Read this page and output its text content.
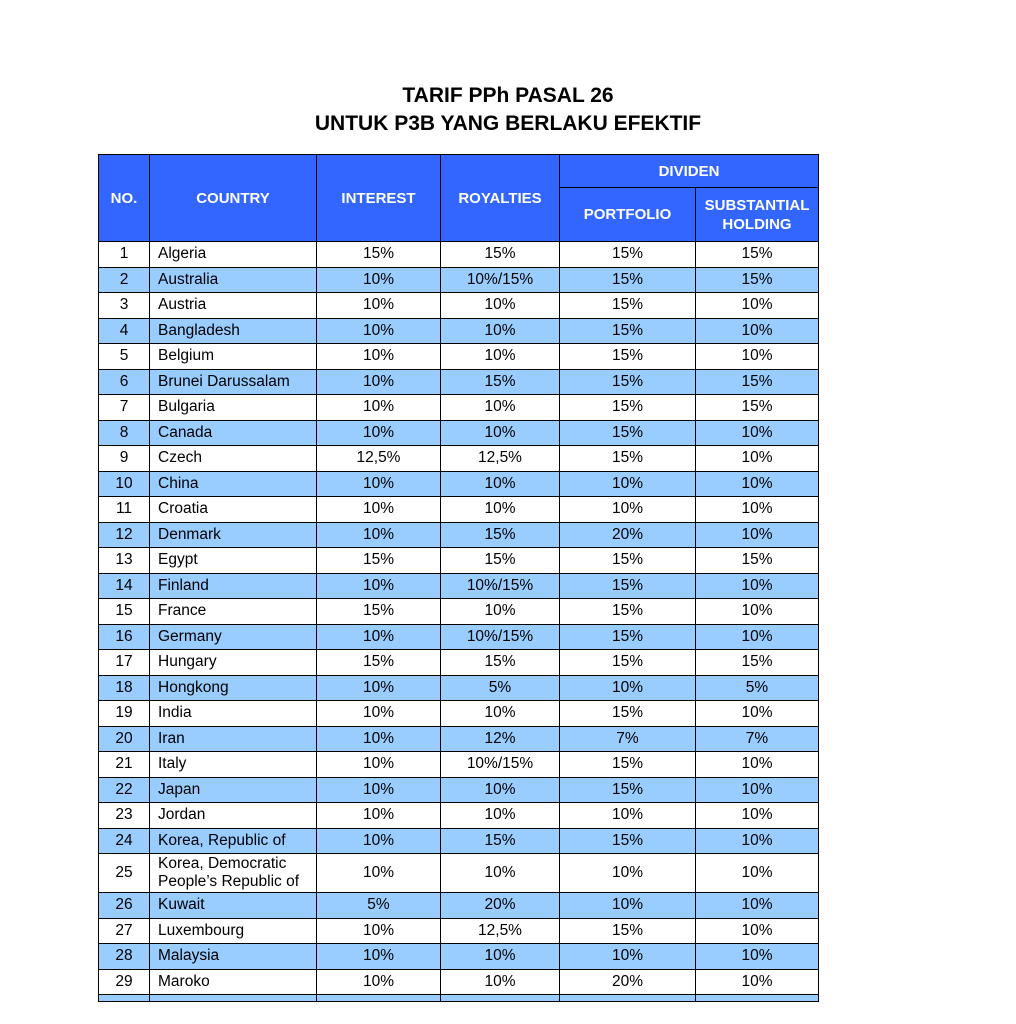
TARIF PPh PASAL 26
UNTUK P3B YANG BERLAKU EFEKTIF
NO.	COUNTRY	INTEREST	ROYALTIES	DIVIDEN	
				PORTFOLIO	SUBSTANTIAL HOLDING
1	Algeria	15%	15%	15%	15%
2	Australia	10%	10%/15%	15%	15%
3	Austria	10%	10%	15%	10%
4	Bangladesh	10%	10%	15%	10%
5	Belgium	10%	10%	15%	10%
6	Brunei Darussalam	10%	15%	15%	15%
7	Bulgaria	10%	10%	15%	15%
8	Canada	10%	10%	15%	10%
9	Czech	12,5%	12,5%	15%	10%
10	China	10%	10%	10%	10%
11	Croatia	10%	10%	10%	10%
12	Denmark	10%	15%	20%	10%
13	Egypt	15%	15%	15%	15%
14	Finland	10%	10%/15%	15%	10%
15	France	15%	10%	15%	10%
16	Germany	10%	10%/15%	15%	10%
17	Hungary	15%	15%	15%	15%
18	Hongkong	10%	5%	10%	5%
19	India	10%	10%	15%	10%
20	Iran	10%	12%	7%	7%
21	Italy	10%	10%/15%	15%	10%
22	Japan	10%	10%	15%	10%
23	Jordan	10%	10%	10%	10%
24	Korea, Republic of	10%	15%	15%	10%
25	Korea, Democratic People’s Republic of	10%	10%	10%	10%
26	Kuwait	5%	20%	10%	10%
27	Luxembourg	10%	12,5%	15%	10%
28	Malaysia	10%	10%	10%	10%
29	Maroko	10%	10%	20%	10%
